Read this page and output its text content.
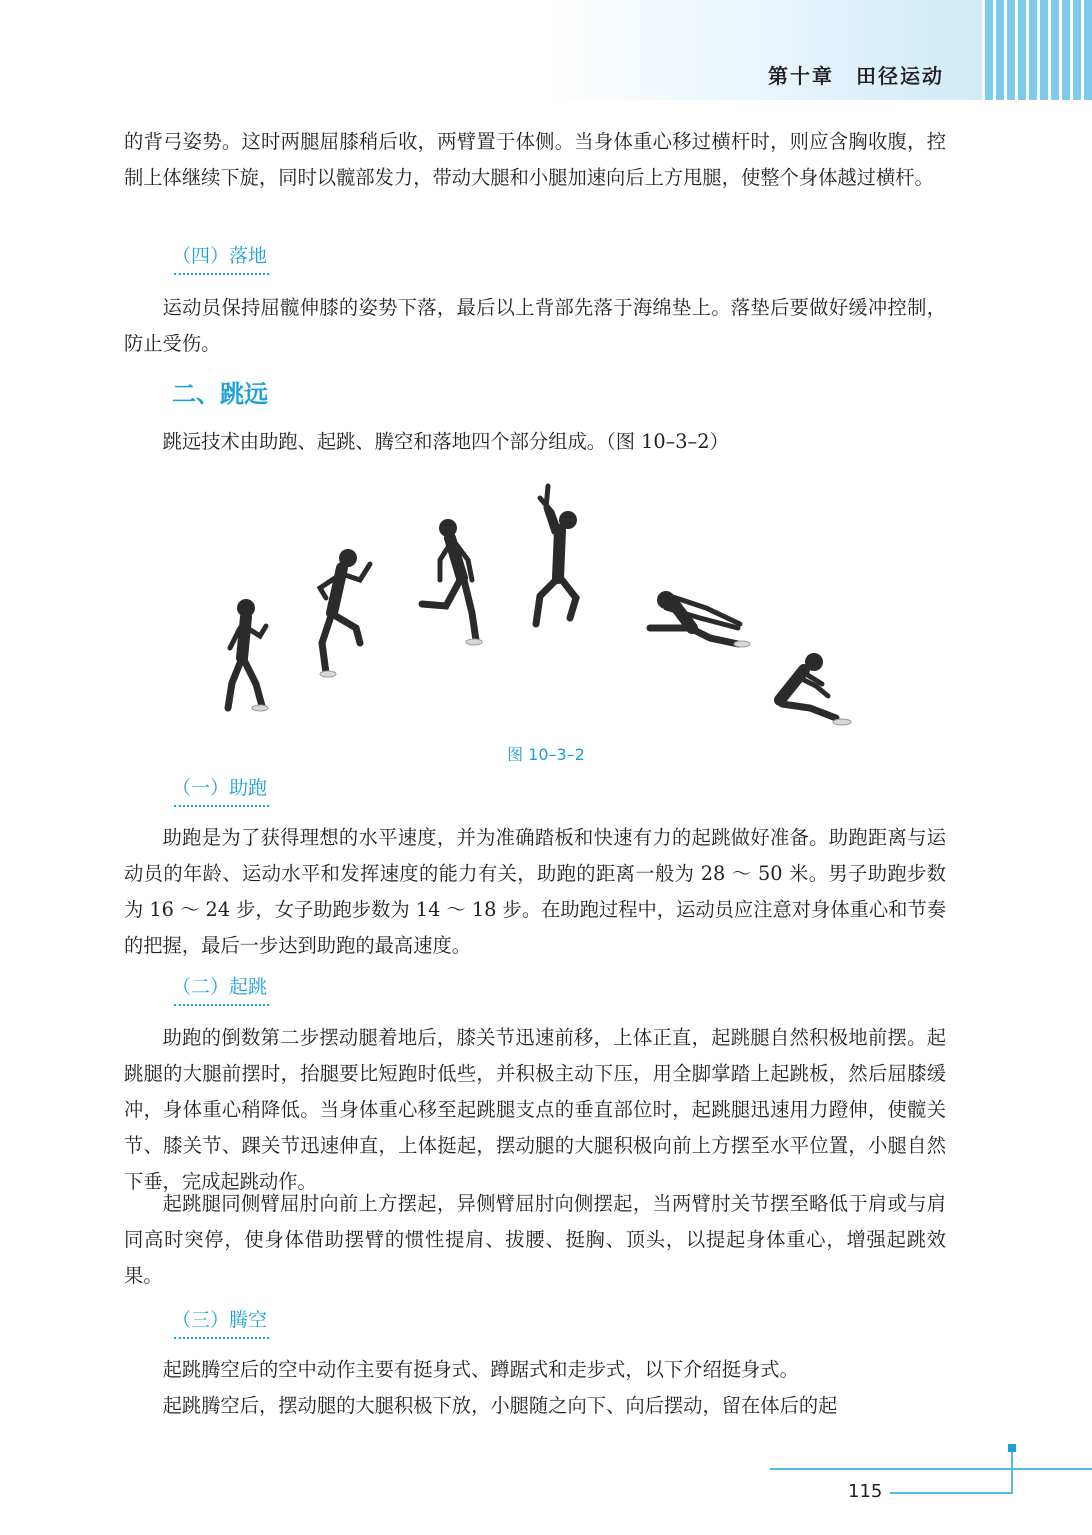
第十章　田径运动

的背弓姿势。这时两腿屈膝稍后收，两臂置于体侧。当身体重心移过横杆时，则应含胸收腹，控制上体继续下旋，同时以髋部发力，带动大腿和小腿加速向后上方甩腿，使整个身体越过横杆。

（四）落地

运动员保持屈髋伸膝的姿势下落，最后以上背部先落于海绵垫上。落垫后要做好缓冲控制，防止受伤。

二、跳远

跳远技术由助跑、起跳、腾空和落地四个部分组成。（图 10–3–2）

图 10–3–2

（一）助跑

助跑是为了获得理想的水平速度，并为准确踏板和快速有力的起跳做好准备。助跑距离与运动员的年龄、运动水平和发挥速度的能力有关，助跑的距离一般为 28 ～ 50 米。男子助跑步数为 16 ～ 24 步，女子助跑步数为 14 ～ 18 步。在助跑过程中，运动员应注意对身体重心和节奏的把握，最后一步达到助跑的最高速度。

（二）起跳

助跑的倒数第二步摆动腿着地后，膝关节迅速前移，上体正直，起跳腿自然积极地前摆。起跳腿的大腿前摆时，抬腿要比短跑时低些，并积极主动下压，用全脚掌踏上起跳板，然后屈膝缓冲，身体重心稍降低。当身体重心移至起跳腿支点的垂直部位时，起跳腿迅速用力蹬伸，使髋关节、膝关节、踝关节迅速伸直，上体挺起，摆动腿的大腿积极向前上方摆至水平位置，小腿自然下垂，完成起跳动作。

起跳腿同侧臂屈肘向前上方摆起，异侧臂屈肘向侧摆起，当两臂肘关节摆至略低于肩或与肩同高时突停，使身体借助摆臂的惯性提肩、拔腰、挺胸、顶头，以提起身体重心，增强起跳效果。

（三）腾空

起跳腾空后的空中动作主要有挺身式、蹲踞式和走步式，以下介绍挺身式。

起跳腾空后，摆动腿的大腿积极下放，小腿随之向下、向后摆动，留在体后的起

115
